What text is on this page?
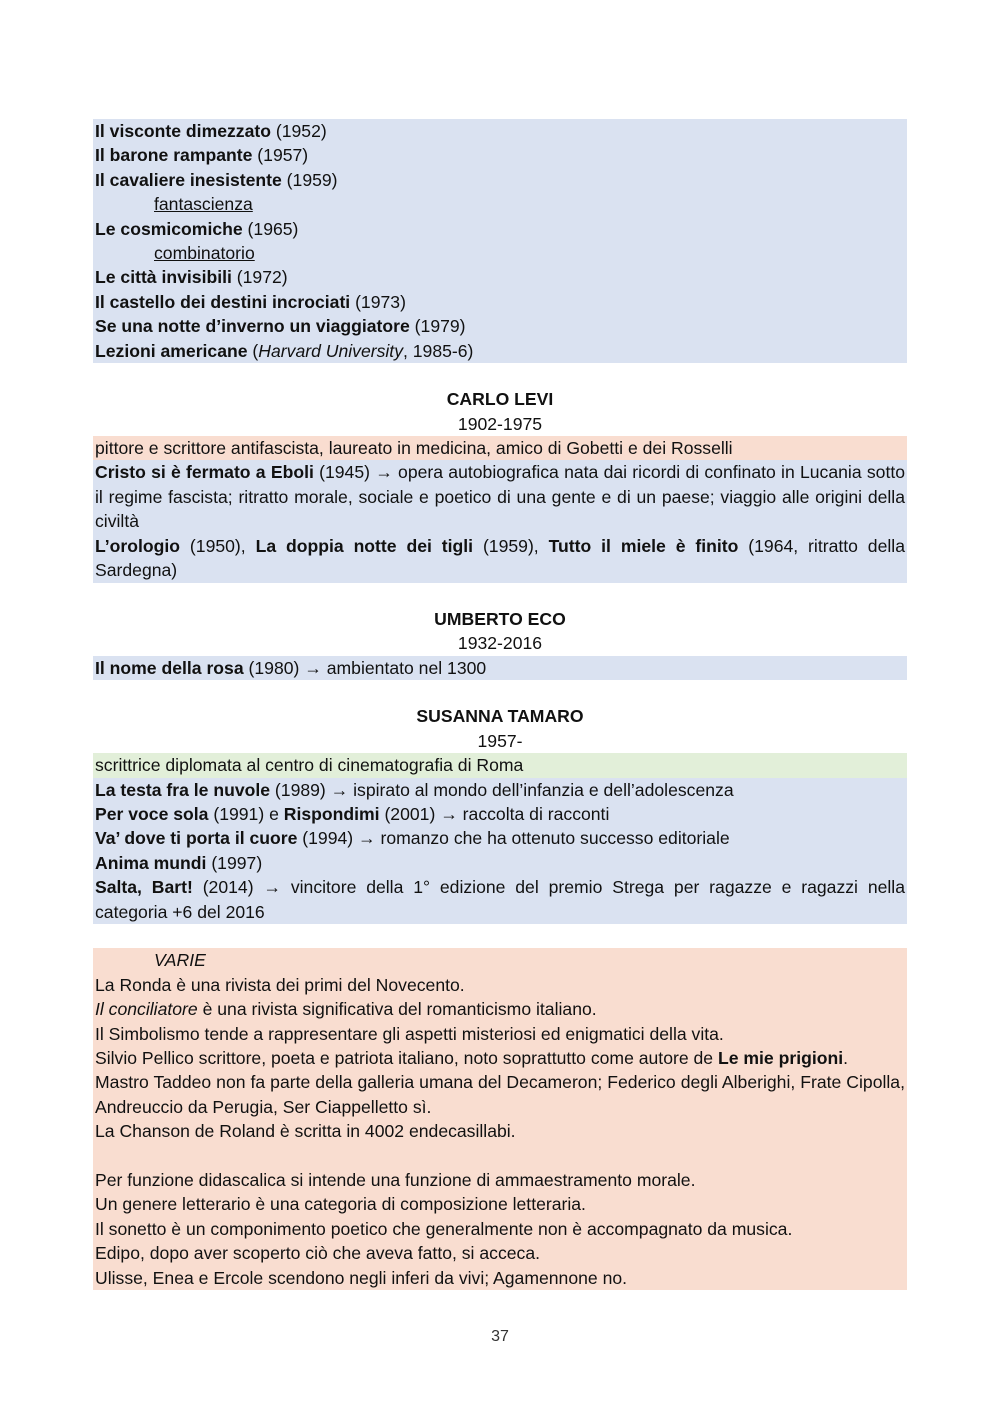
Il visconte dimezzato (1952)
Il barone rampante (1957)
Il cavaliere inesistente (1959)
fantascienza
Le cosmicomiche (1965)
combinatorio
Le città invisibili (1972)
Il castello dei destini incrociati (1973)
Se una notte d’inverno un viaggiatore (1979)
Lezioni americane (Harvard University, 1985-6)
CARLO LEVI
1902-1975
pittore e scrittore antifascista, laureato in medicina, amico di Gobetti e dei Rosselli
Cristo si è fermato a Eboli (1945) → opera autobiografica nata dai ricordi di confinato in Lucania sotto il regime fascista; ritratto morale, sociale e poetico di una gente e di un paese; viaggio alle origini della civiltà
L’orologio (1950), La doppia notte dei tigli (1959), Tutto il miele è finito (1964, ritratto della Sardegna)
UMBERTO ECO
1932-2016
Il nome della rosa (1980) → ambientato nel 1300
SUSANNA TAMARO
1957-
scrittrice diplomata al centro di cinematografia di Roma
La testa fra le nuvole (1989) → ispirato al mondo dell’infanzia e dell’adolescenza
Per voce sola (1991) e Rispondimi (2001) → raccolta di racconti
Va’ dove ti porta il cuore (1994) → romanzo che ha ottenuto successo editoriale
Anima mundi (1997)
Salta, Bart! (2014) → vincitore della 1° edizione del premio Strega per ragazze e ragazzi nella categoria +6 del 2016
VARIE
La Ronda è una rivista dei primi del Novecento.
Il conciliatore è una rivista significativa del romanticismo italiano.
Il Simbolismo tende a rappresentare gli aspetti misteriosi ed enigmatici della vita.
Silvio Pellico scrittore, poeta e patriota italiano, noto soprattutto come autore de Le mie prigioni.
Mastro Taddeo non fa parte della galleria umana del Decameron; Federico degli Alberighi, Frate Cipolla, Andreuccio da Perugia, Ser Ciappelletto sì.
La Chanson de Roland è scritta in 4002 endecasillabi.
Per funzione didascalica si intende una funzione di ammaestramento morale.
Un genere letterario è una categoria di composizione letteraria.
Il sonetto è un componimento poetico che generalmente non è accompagnato da musica.
Edipo, dopo aver scoperto ciò che aveva fatto, si acceca.
Ulisse, Enea e Ercole scendono negli inferi da vivi; Agamennone no.
37
